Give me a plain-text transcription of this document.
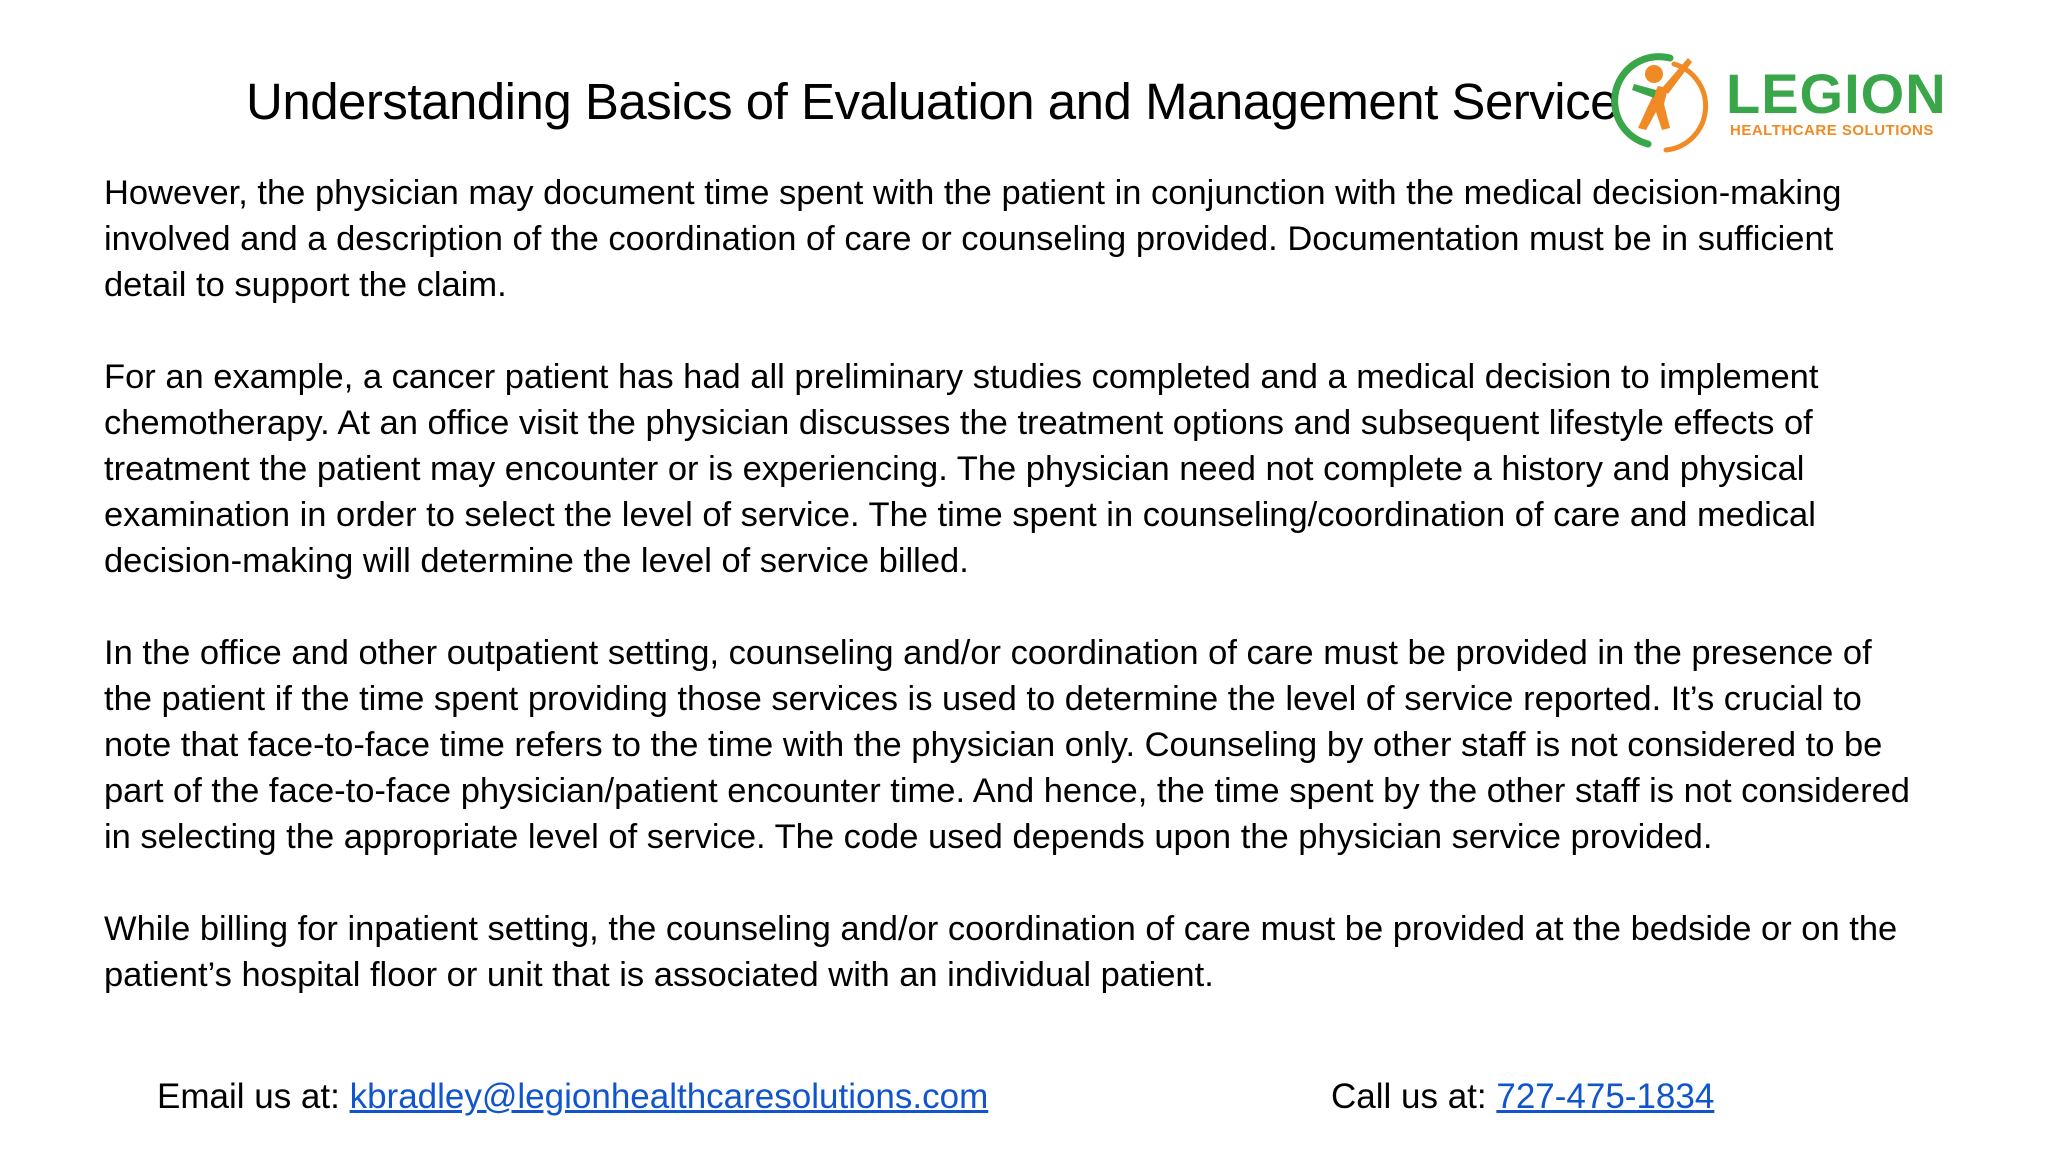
Understanding Basics of Evaluation and Management Service LEGION
HEALTHCARE SOLUTIONS

However, the physician may document time spent with the patient in conjunction with the medical decision-making
involved and a description of the coordination of care or counseling provided. Documentation must be in sufficient
detail to support the claim.

For an example, a cancer patient has had all preliminary studies completed and a medical decision to implement
chemotherapy. At an office visit the physician discusses the treatment options and subsequent lifestyle effects of
treatment the patient may encounter or is experiencing. The physician need not complete a history and physical
examination in order to select the level of service. The time spent in counseling/coordination of care and medical
decision-making will determine the level of service billed.

In the office and other outpatient setting, counseling and/or coordination of care must be provided in the presence of
the patient if the time spent providing those services is used to determine the level of service reported. It’s crucial to
note that face-to-face time refers to the time with the physician only. Counseling by other staff is not considered to be
part of the face-to-face physician/patient encounter time. And hence, the time spent by the other staff is not considered
in selecting the appropriate level of service. The code used depends upon the physician service provided.

While billing for inpatient setting, the counseling and/or coordination of care must be provided at the bedside or on the
patient’s hospital floor or unit that is associated with an individual patient.

Email us at: kbradley@legionhealthcaresolutions.com	Call us at: 727-475-1834
